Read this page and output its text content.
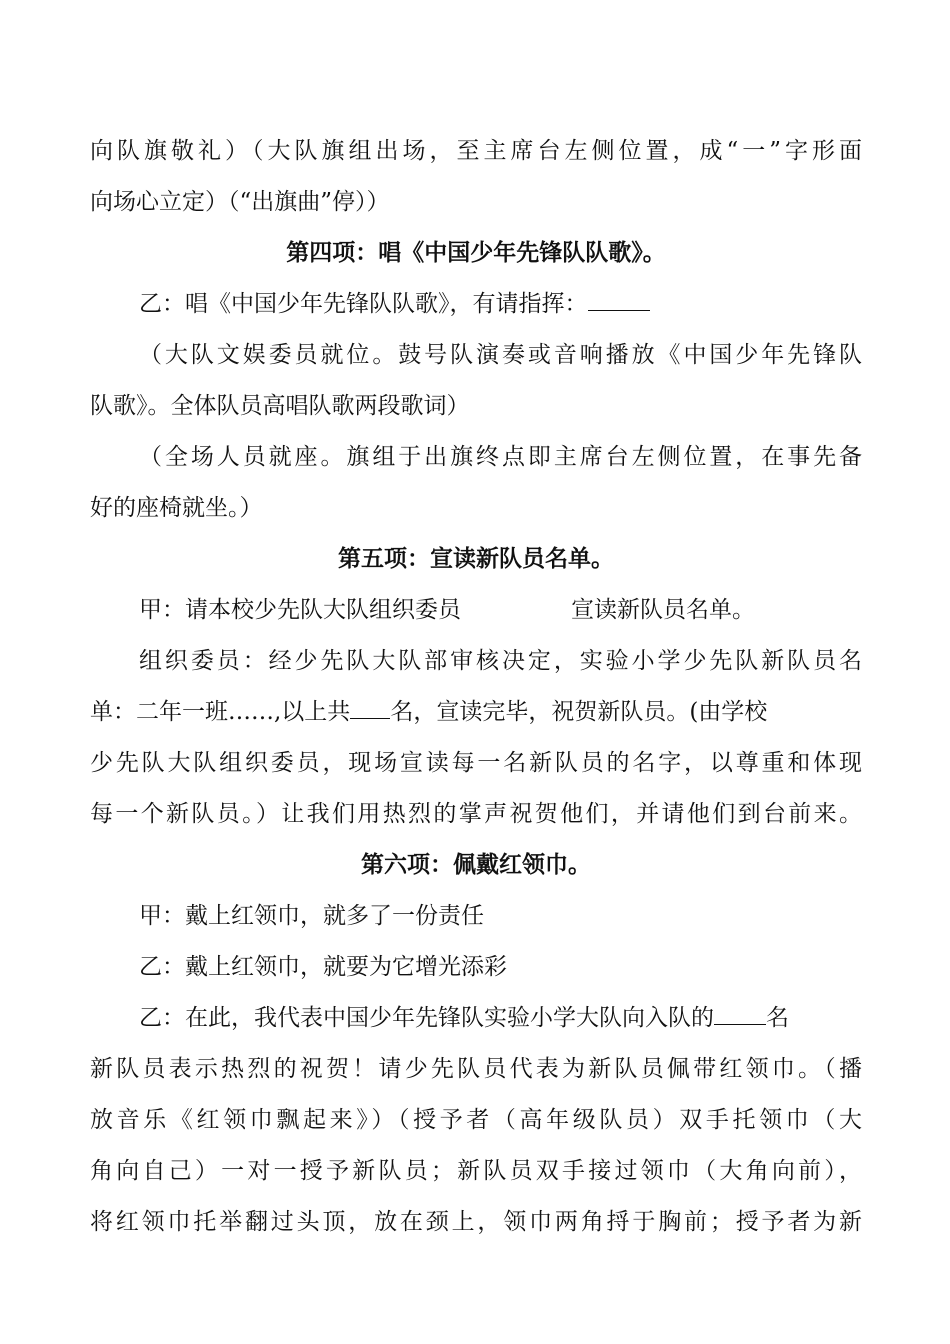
向队旗敬礼）（大队旗组出场，至主席台左侧位置，成“一”字形面
向场心立定）（“出旗曲”停））
第四项：唱《中国少年先锋队队歌》。
乙：唱《中国少年先锋队队歌》，有请指挥：
（大队文娱委员就位。鼓号队演奏或音响播放《中国少年先锋队
队歌》。全体队员高唱队歌两段歌词）
（全场人员就座。旗组于出旗终点即主席台左侧位置，在事先备
好的座椅就坐。）
第五项：宣读新队员名单。
甲：请本校少先队大队组织委员	宣读新队员名单。
组织委员：经少先队大队部审核决定，实验小学少先队新队员名
单：二年一班……,以上共 名，宣读完毕，祝贺新队员。(由学校
少先队大队组织委员，现场宣读每一名新队员的名字，以尊重和体现
每一个新队员。）让我们用热烈的掌声祝贺他们，并请他们到台前来。
第六项：佩戴红领巾。
甲：戴上红领巾，就多了一份责任
乙：戴上红领巾，就要为它增光添彩
乙：在此，我代表中国少年先锋队实验小学大队向入队的 名
新队员表示热烈的祝贺！请少先队员代表为新队员佩带红领巾。（播
放音乐《红领巾飘起来》）（授予者（高年级队员）双手托领巾（大
角向自己）一对一授予新队员；新队员双手接过领巾（大角向前），
将红领巾托举翻过头顶，放在颈上，领巾两角捋于胸前；授予者为新
